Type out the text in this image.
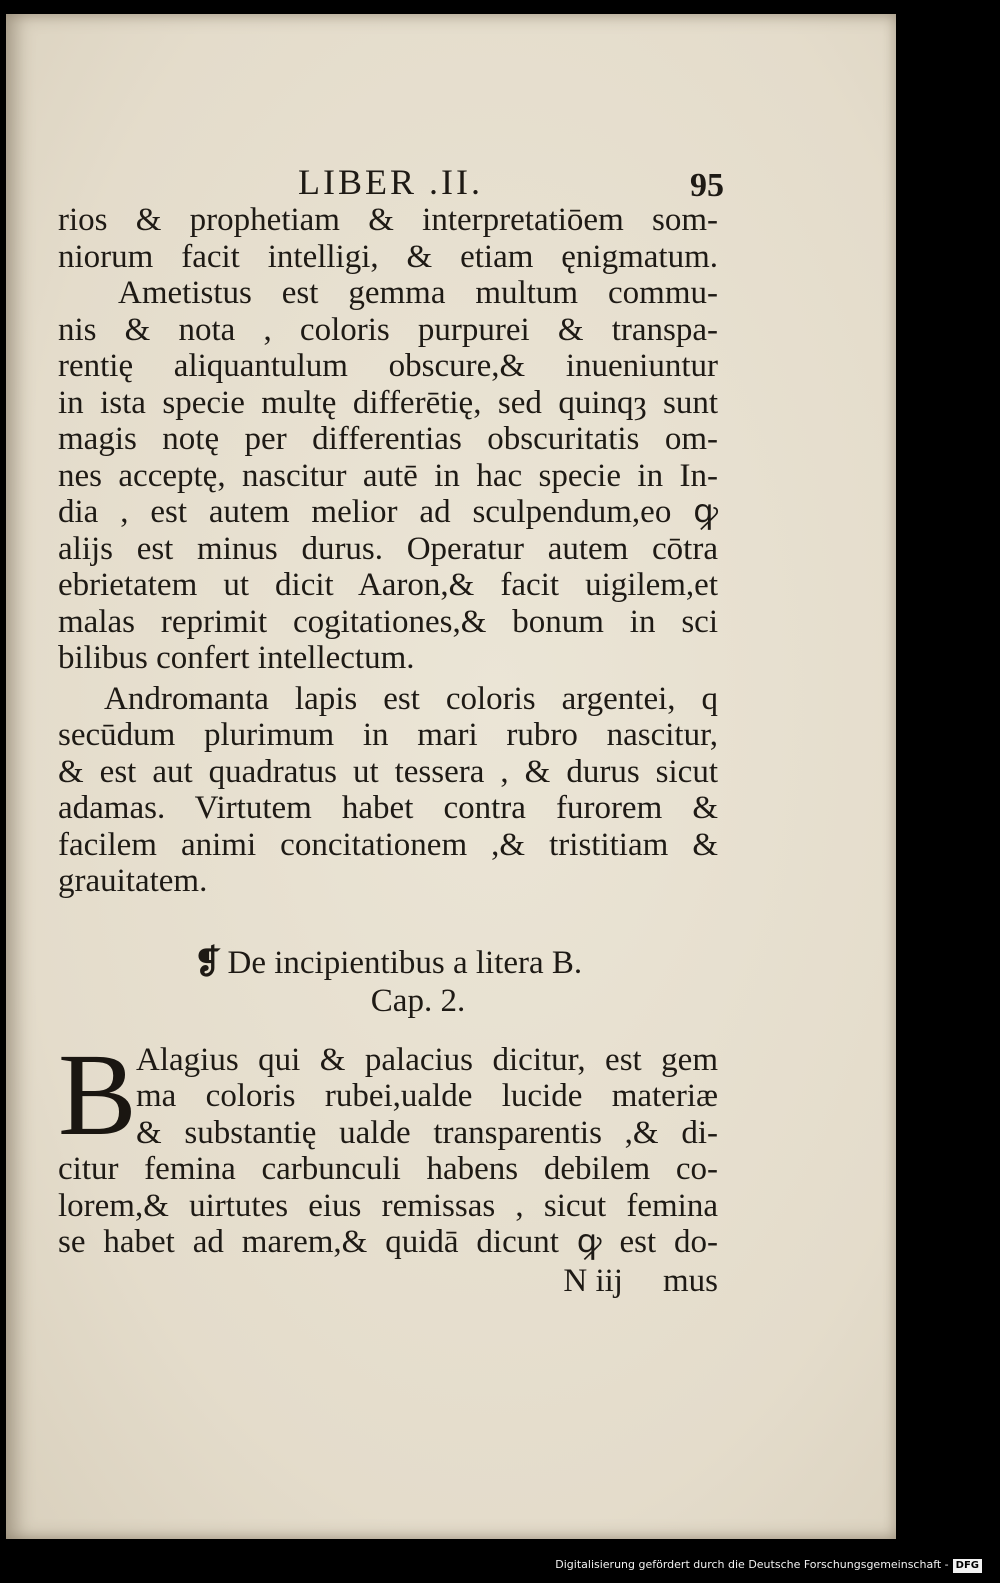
LIBER .II.	95
rios & prophetiam & interpretatiōem som-
niorum facit intelligi, & etiam ęnigmatum.
Ametistus est gemma multum commu-
nis & nota , coloris purpurei & transpa-
rentię aliquantulum obscure,& inueniuntur
in ista specie multę differētię, sed quinqȝ sunt
magis notę per differentias obscuritatis om-
nes acceptę, nascitur autē in hac specie in In-
dia , est autem melior ad sculpendum,eo ꝙ
alijs est minus durus. Operatur autem cōtra
ebrietatem ut dicit Aaron,& facit uigilem,et
malas reprimit cogitationes,& bonum in sci
bilibus confert intellectum.
Andromanta lapis est coloris argentei, q
secūdum plurimum in mari rubro nascitur,
& est aut quadratus ut tessera , & durus sicut
adamas. Virtutem habet contra furorem &
facilem animi concitationem ,& tristitiam &
grauitatem.
❡ De incipientibus a litera B.
Cap. 2.
B Alagius qui & palacius dicitur, est gem
ma coloris rubei,ualde lucide materiæ
& substantię ualde transparentis ,& di-
citur femina carbunculi habens debilem co-
lorem,& uirtutes eius remissas , sicut femina
se habet ad marem,& quidā dicunt ꝙ est do-
N iij mus
Digitalisierung gefördert durch die Deutsche Forschungsgemeinschaft - DFG
